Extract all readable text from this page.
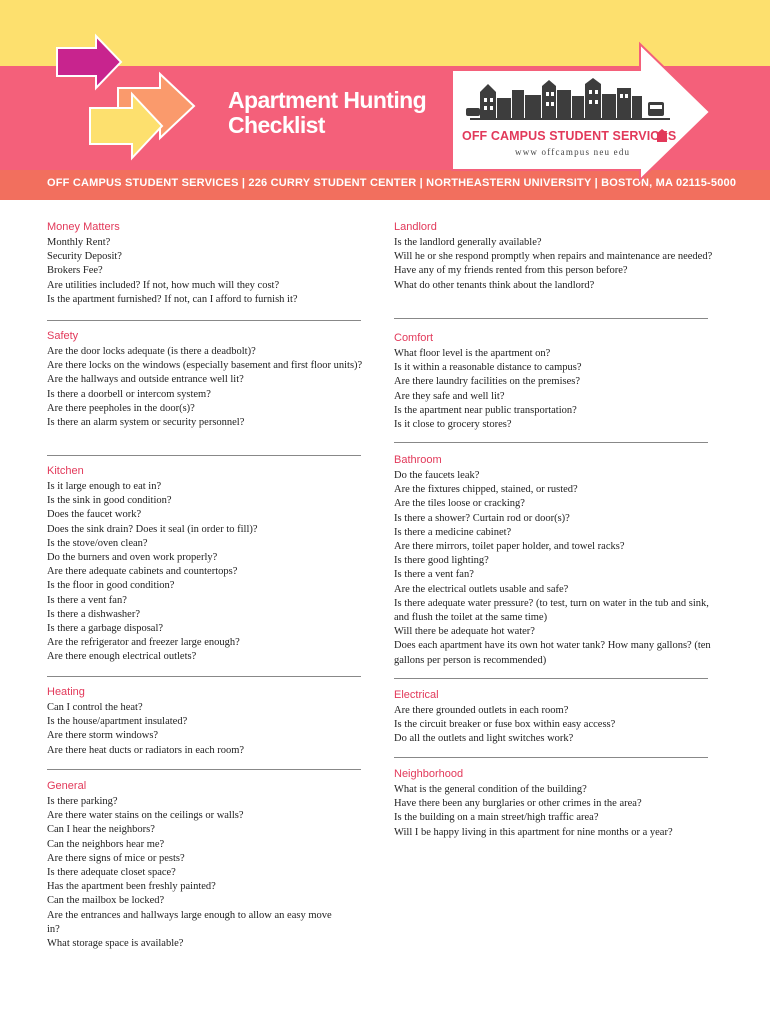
OFF CAMPUS STUDENT SERVICES | 226 CURRY STUDENT CENTER | NORTHEASTERN UNIVERSITY | BOSTON, MA 02115-5000
Apartment Hunting
Checklist	OFF CAMPUS STUDENT SERVICES
www offcampus neu edu
Money Matters
Monthly Rent?
Security Deposit?
Brokers Fee?
Are utilities included? If not, how much will they cost?
Is the apartment furnished? If not, can I afford to furnish it?
Safety
Are the door locks adequate (is there a deadbolt)?
Are there locks on the windows (especially basement and first floor units)?
Are the hallways and outside entrance well lit?
Is there a doorbell or intercom system?
Are there peepholes in the door(s)?
Is there an alarm system or security personnel?
Kitchen
Is it large enough to eat in?
Is the sink in good condition?
Does the faucet work?
Does the sink drain? Does it seal (in order to fill)?
Is the stove/oven clean?
Do the burners and oven work properly?
Are there adequate cabinets and countertops?
Is the floor in good condition?
Is there a vent fan?
Is there a dishwasher?
Is there a garbage disposal?
Are the refrigerator and freezer large enough?
Are there enough electrical outlets?
Heating
Can I control the heat?
Is the house/apartment insulated?
Are there storm windows?
Are there heat ducts or radiators in each room?
General
Is there parking?
Are there water stains on the ceilings or walls?
Can I hear the neighbors?
Can the neighbors hear me?
Are there signs of mice or pests?
Is there adequate closet space?
Has the apartment been freshly painted?
Can the mailbox be locked?
Are the entrances and hallways large enough to allow an easy move in?
What storage space is available?
Landlord
Is the landlord generally available?
Will he or she respond promptly when repairs and maintenance are needed?
Have any of my friends rented from this person before?
What do other tenants think about the landlord?
Comfort
What floor level is the apartment on?
Is it within a reasonable distance to campus?
Are there laundry facilities on the premises?
Are they safe and well lit?
Is the apartment near public transportation?
Is it close to grocery stores?
Bathroom
Do the faucets leak?
Are the fixtures chipped, stained, or rusted?
Are the tiles loose or cracking?
Is there a shower? Curtain rod or door(s)?
Is there a medicine cabinet?
Are there mirrors, toilet paper holder, and towel racks?
Is there good lighting?
Is there a vent fan?
Are the electrical outlets usable and safe?
Is there adequate water pressure? (to test, turn on water in the tub and sink, and flush the toilet at the same time)
Will there be adequate hot water?
Does each apartment have its own hot water tank? How many gallons? (ten gallons per person is recommended)
Electrical
Are there grounded outlets in each room?
Is the circuit breaker or fuse box within easy access?
Do all the outlets and light switches work?
Neighborhood
What is the general condition of the building?
Have there been any burglaries or other crimes in the area?
Is the building on a main street/high traffic area?
Will I be happy living in this apartment for nine months or a year?
